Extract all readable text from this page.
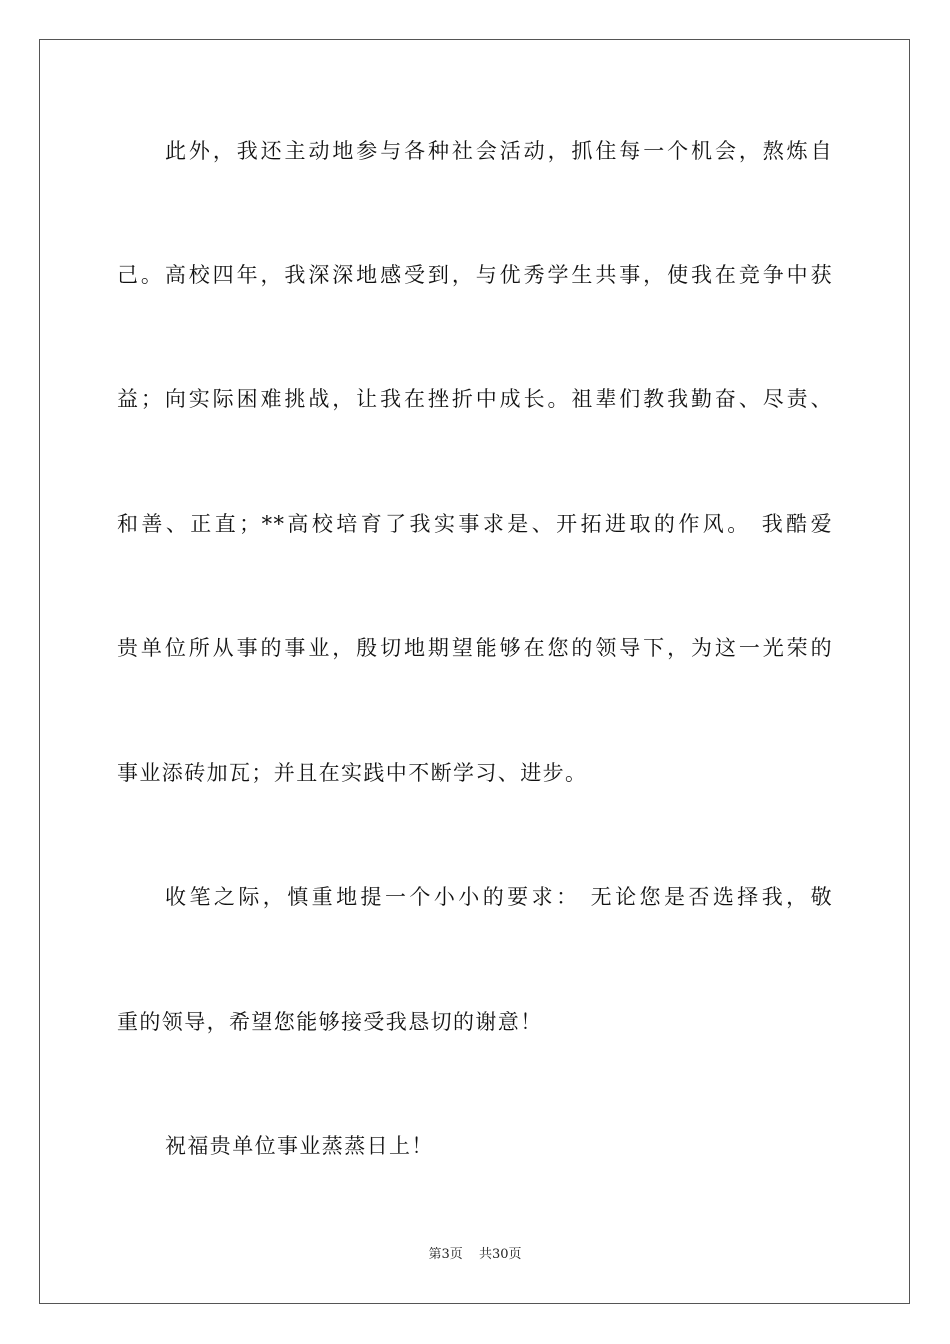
此外，我还主动地参与各种社会活动，抓住每一个机会，熬炼自
己。高校四年，我深深地感受到，与优秀学生共事，使我在竞争中获
益；向实际困难挑战，让我在挫折中成长。祖辈们教我勤奋、尽责、
和善、正直；**高校培育了我实事求是、开拓进取的作风。 我酷爱
贵单位所从事的事业，殷切地期望能够在您的领导下，为这一光荣的
事业添砖加瓦；并且在实践中不断学习、进步。
收笔之际，慎重地提一个小小的要求： 无论您是否选择我，敬
重的领导，希望您能够接受我恳切的谢意！
祝福贵单位事业蒸蒸日上！
第3页 共30页
